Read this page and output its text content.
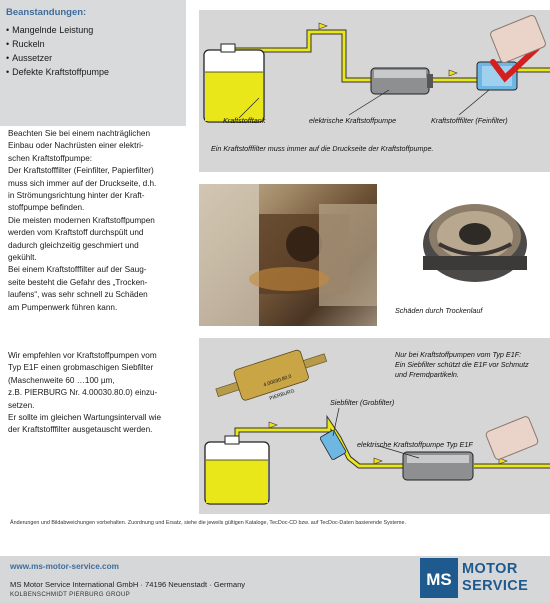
Beanstandungen:
• Mangelnde Leistung
• Ruckeln
• Aussetzer
• Defekte Kraftstoffpumpe

Beachten Sie bei einem nachträglichen
Einbau oder Nachrüsten einer elektri-
schen Kraftstoffpumpe:
Der Kraftstofffilter (Feinfilter, Papierfilter)
muss sich immer auf der Druckseite, d.h.
in Strömungsrichtung hinter der Kraft-
stoffpumpe befinden.
Die meisten modernen Kraftstoffpumpen
werden vom Kraftstoff durchspült und
dadurch gleichzeitig geschmiert und
gekühlt.
Bei einem Kraftstofffilter auf der Saug-
seite besteht die Gefahr des „Trocken-
laufens“, was sehr schnell zu Schäden
am Pumpenwerk führen kann.

Wir empfehlen vor Kraftstoffpumpen vom
Typ E1F einen grobmaschigen Siebfilter
(Maschenweite 60 …100 µm,
z.B. PIERBURG Nr. 4.00030.80.0) einzu-
setzen.
Er sollte im gleichen Wartungsintervall wie
der Kraftstofffilter ausgetauscht werden.

Kraftstofftank	elektrische Kraftstoffpumpe	Kraftstofffilter (Feinfilter)
Ein Kraftstofffilter muss immer auf die Druckseite der Kraftstoffpumpe.
Schäden durch Trockenlauf
4.00030.80.0
PIERBURG
Nur bei Kraftstoffpumpen vom Typ E1F:
Ein Siebfilter schützt die E1F vor Schmutz
und Fremdpartikeln.
Siebfilter (Grobfilter)
elektrische Kraftstoffpumpe Typ E1F
Änderungen und Bildabweichungen vorbehalten. Zuordnung und Ersatz, siehe die jeweils gültigen Kataloge, TecDoc-CD bzw. auf TecDoc-Daten basierende Systeme.
www.ms-motor-service.com
MS Motor Service International GmbH · 74196 Neuenstadt · Germany
KOLBENSCHMIDT PIERBURG GROUP
MS
MOTOR
SERVICE
